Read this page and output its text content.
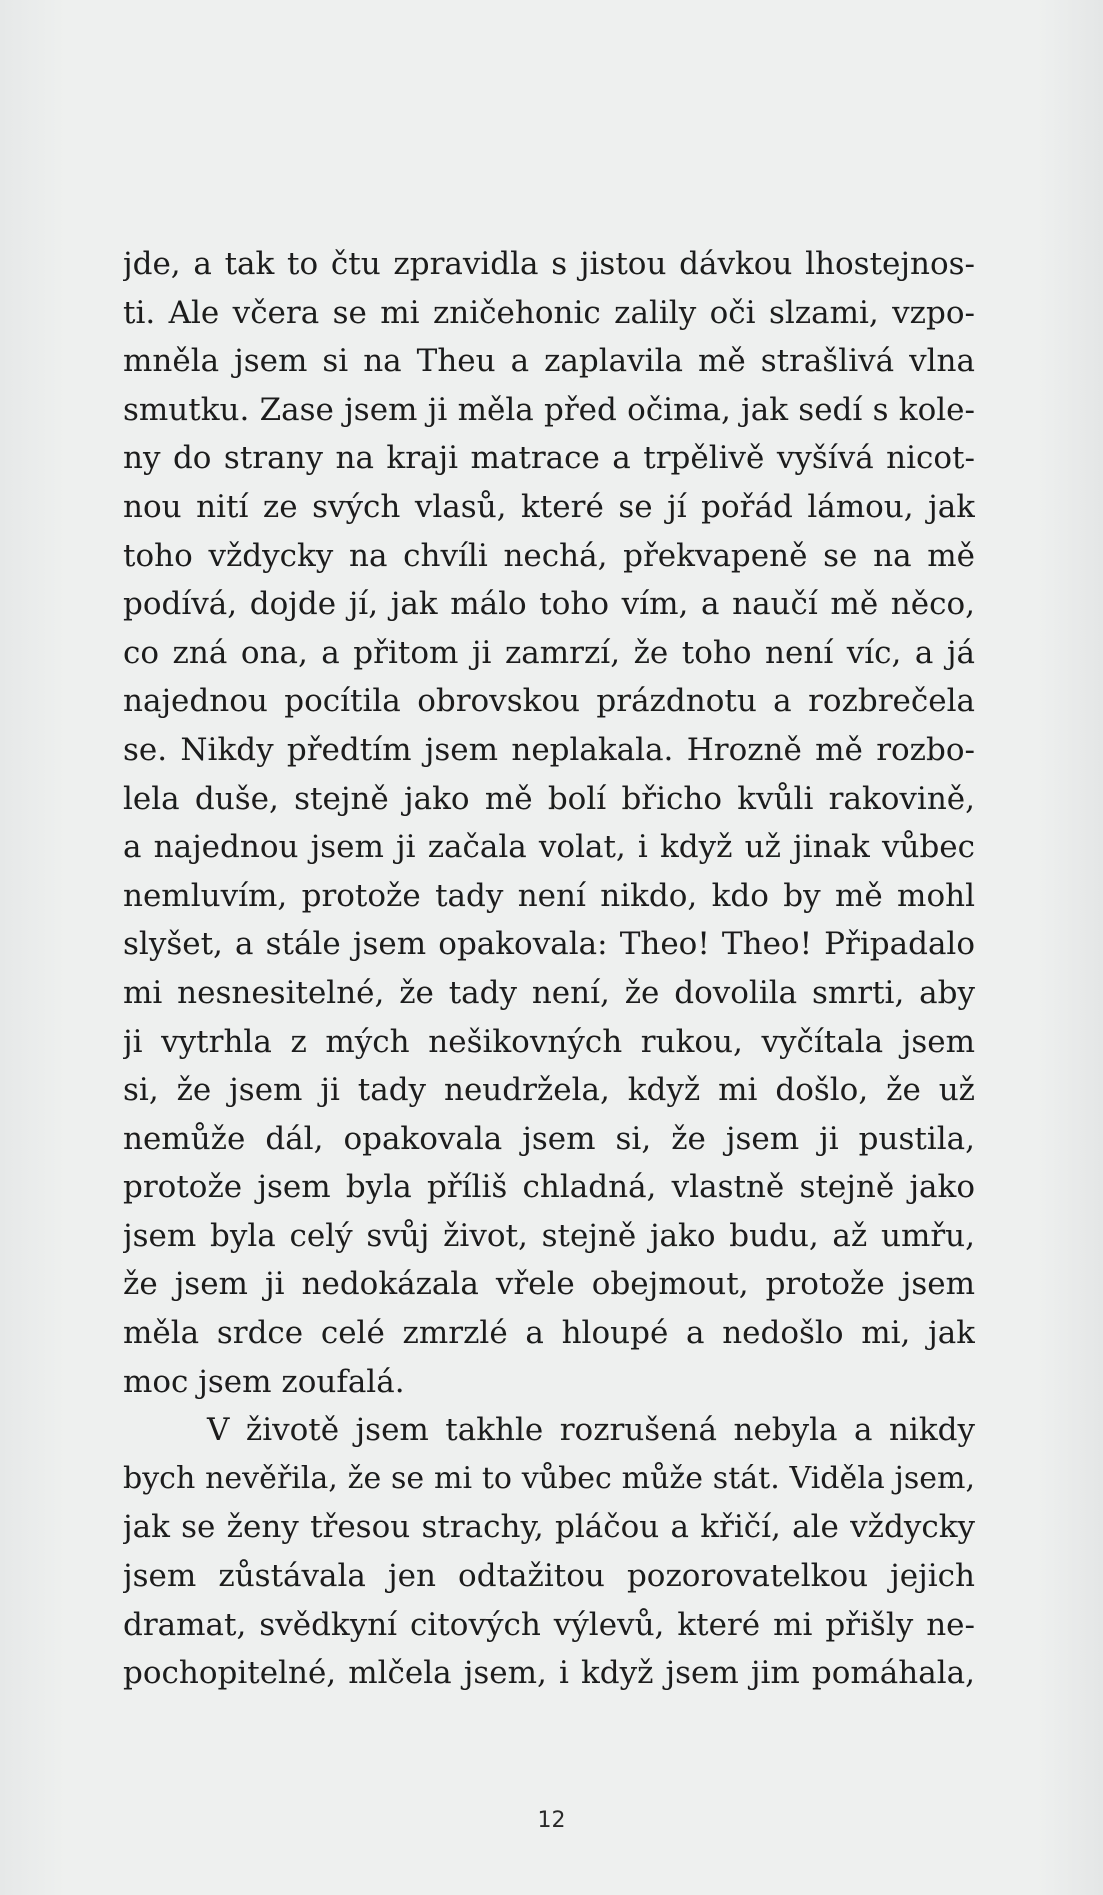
jde, a tak to čtu zpravidla s jistou dávkou lhostejnos-
ti. Ale včera se mi zničehonic zalily oči slzami, vzpo-
mněla jsem si na Theu a zaplavila mě strašlivá vlna
smutku. Zase jsem ji měla před očima, jak sedí s kole-
ny do strany na kraji matrace a trpělivě vyšívá nicot-
nou nití ze svých vlasů, které se jí pořád lámou, jak
toho vždycky na chvíli nechá, překvapeně se na mě
podívá, dojde jí, jak málo toho vím, a naučí mě něco,
co zná ona, a přitom ji zamrzí, že toho není víc, a já
najednou pocítila obrovskou prázdnotu a rozbrečela
se. Nikdy předtím jsem neplakala. Hrozně mě rozbo-
lela duše, stejně jako mě bolí břicho kvůli rakovině,
a najednou jsem ji začala volat, i když už jinak vůbec
nemluvím, protože tady není nikdo, kdo by mě mohl
slyšet, a stále jsem opakovala: Theo! Theo! Připadalo
mi nesnesitelné, že tady není, že dovolila smrti, aby
ji vytrhla z mých nešikovných rukou, vyčítala jsem
si, že jsem ji tady neudržela, když mi došlo, že už
nemůže dál, opakovala jsem si, že jsem ji pustila,
protože jsem byla příliš chladná, vlastně stejně jako
jsem byla celý svůj život, stejně jako budu, až umřu,
že jsem ji nedokázala vřele obejmout, protože jsem
měla srdce celé zmrzlé a hloupé a nedošlo mi, jak
moc jsem zoufalá.
V životě jsem takhle rozrušená nebyla a nikdy
bych nevěřila, že se mi to vůbec může stát. Viděla jsem,
jak se ženy třesou strachy, pláčou a křičí, ale vždycky
jsem zůstávala jen odtažitou pozorovatelkou jejich
dramat, svědkyní citových výlevů, které mi přišly ne-
pochopitelné, mlčela jsem, i když jsem jim pomáhala,
12
